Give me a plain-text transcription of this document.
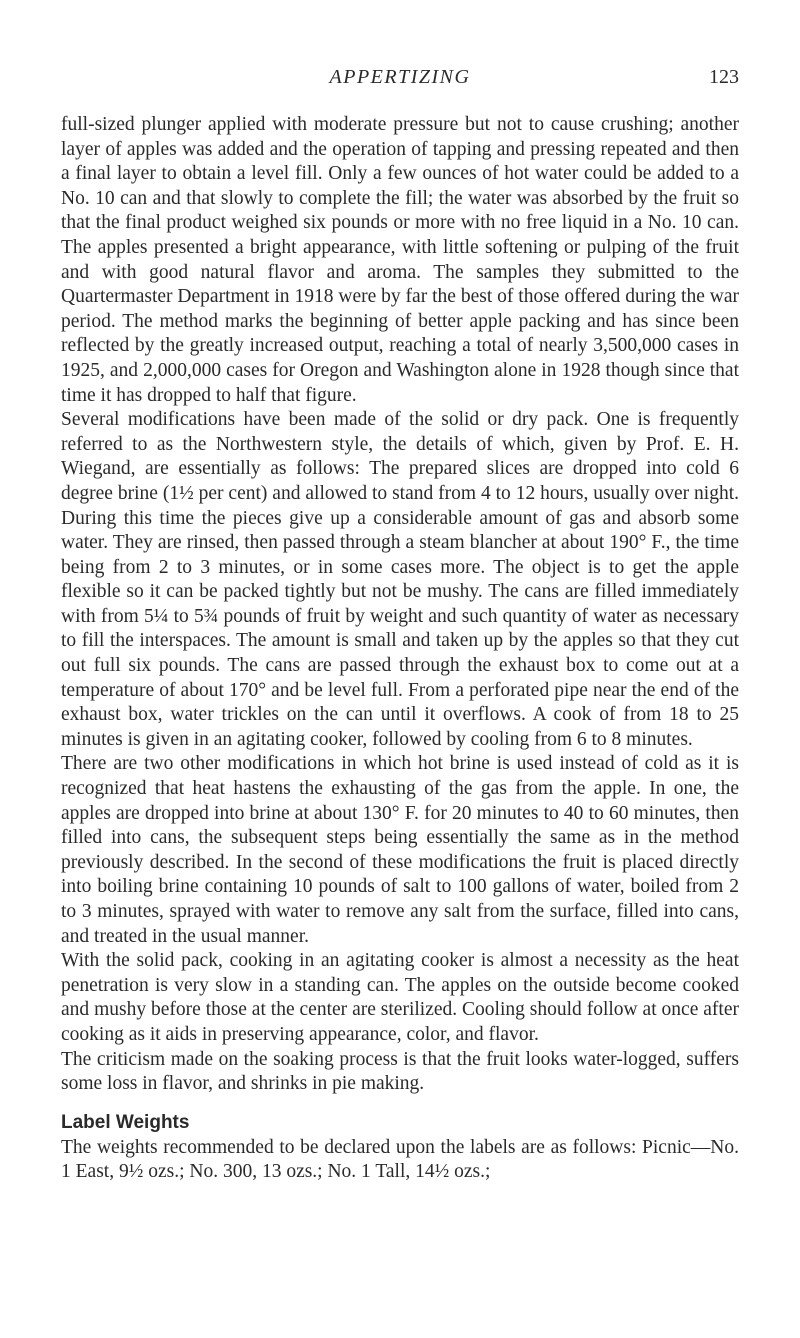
APPERTIZING	123

full-sized plunger applied with moderate pressure but not to cause crushing; another layer of apples was added and the operation of tapping and pressing repeated and then a final layer to obtain a level fill. Only a few ounces of hot water could be added to a No. 10 can and that slowly to complete the fill; the water was absorbed by the fruit so that the final product weighed six pounds or more with no free liquid in a No. 10 can. The apples presented a bright appearance, with little softening or pulping of the fruit and with good natural flavor and aroma. The samples they submitted to the Quartermaster Department in 1918 were by far the best of those offered during the war period. The method marks the beginning of better apple packing and has since been reflected by the greatly increased output, reaching a total of nearly 3,500,000 cases in 1925, and 2,000,000 cases for Oregon and Washington alone in 1928 though since that time it has dropped to half that figure.

Several modifications have been made of the solid or dry pack. One is frequently referred to as the Northwestern style, the details of which, given by Prof. E. H. Wiegand, are essentially as follows: The prepared slices are dropped into cold 6 degree brine (1½ per cent) and allowed to stand from 4 to 12 hours, usually over night. During this time the pieces give up a considerable amount of gas and absorb some water. They are rinsed, then passed through a steam blancher at about 190° F., the time being from 2 to 3 minutes, or in some cases more. The object is to get the apple flexible so it can be packed tightly but not be mushy. The cans are filled immediately with from 5¼ to 5¾ pounds of fruit by weight and such quantity of water as necessary to fill the interspaces. The amount is small and taken up by the apples so that they cut out full six pounds. The cans are passed through the exhaust box to come out at a temperature of about 170° and be level full. From a perforated pipe near the end of the exhaust box, water trickles on the can until it overflows. A cook of from 18 to 25 minutes is given in an agitating cooker, followed by cooling from 6 to 8 minutes.

There are two other modifications in which hot brine is used instead of cold as it is recognized that heat hastens the exhausting of the gas from the apple. In one, the apples are dropped into brine at about 130° F. for 20 minutes to 40 to 60 minutes, then filled into cans, the subsequent steps being essentially the same as in the method previously described. In the second of these modifications the fruit is placed directly into boiling brine containing 10 pounds of salt to 100 gallons of water, boiled from 2 to 3 minutes, sprayed with water to remove any salt from the surface, filled into cans, and treated in the usual manner.

With the solid pack, cooking in an agitating cooker is almost a necessity as the heat penetration is very slow in a standing can. The apples on the outside become cooked and mushy before those at the center are sterilized. Cooling should follow at once after cooking as it aids in preserving appearance, color, and flavor.

The criticism made on the soaking process is that the fruit looks water-logged, suffers some loss in flavor, and shrinks in pie making.

Label Weights

The weights recommended to be declared upon the labels are as follows: Picnic—No. 1 East, 9½ ozs.; No. 300, 13 ozs.; No. 1 Tall, 14½ ozs.;
